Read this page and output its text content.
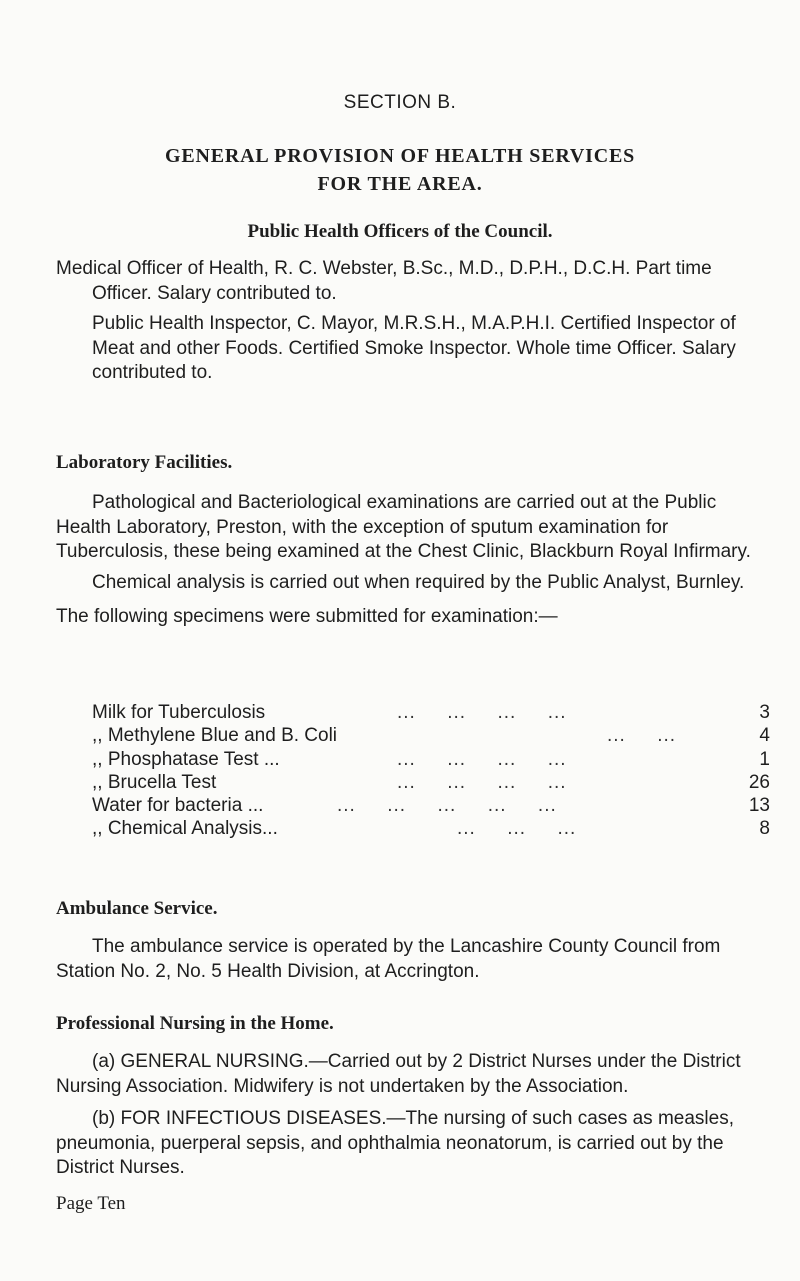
SECTION B.
GENERAL PROVISION OF HEALTH SERVICES
FOR THE AREA.
Public Health Officers of the Council.

Medical Officer of Health, R. C. Webster, B.Sc., M.D., D.P.H., D.C.H. Part time Officer. Salary contributed to.

Public Health Inspector, C. Mayor, M.R.S.H., M.A.P.H.I. Certified Inspector of Meat and other Foods. Certified Smoke Inspector. Whole time Officer. Salary contributed to.

Laboratory Facilities.

Pathological and Bacteriological examinations are carried out at the Public Health Laboratory, Preston, with the exception of sputum examination for Tuberculosis, these being examined at the Chest Clinic, Blackburn Royal Infirmary.

Chemical analysis is carried out when required by the Public Analyst, Burnley.

The following specimens were submitted for examination:—

Milk for Tuberculosis	...     ...     ...     ...	3
,, Methylene Blue and B. Coli	...     ...	4
,, Phosphatase Test ...	...     ...     ...     ...	1
,, Brucella Test	...     ...     ...     ...	26
Water for bacteria ...	...     ...     ...     ...     ...	13
,, Chemical Analysis...	...     ...     ...	8
Ambulance Service.

The ambulance service is operated by the Lancashire County Council from Station No. 2, No. 5 Health Division, at Accrington.

Professional Nursing in the Home.

(a) GENERAL NURSING.—Carried out by 2 District Nurses under the District Nursing Association. Midwifery is not undertaken by the Association.

(b) FOR INFECTIOUS DISEASES.—The nursing of such cases as measles, pneumonia, puerperal sepsis, and ophthalmia neonatorum, is carried out by the District Nurses.

Page Ten
